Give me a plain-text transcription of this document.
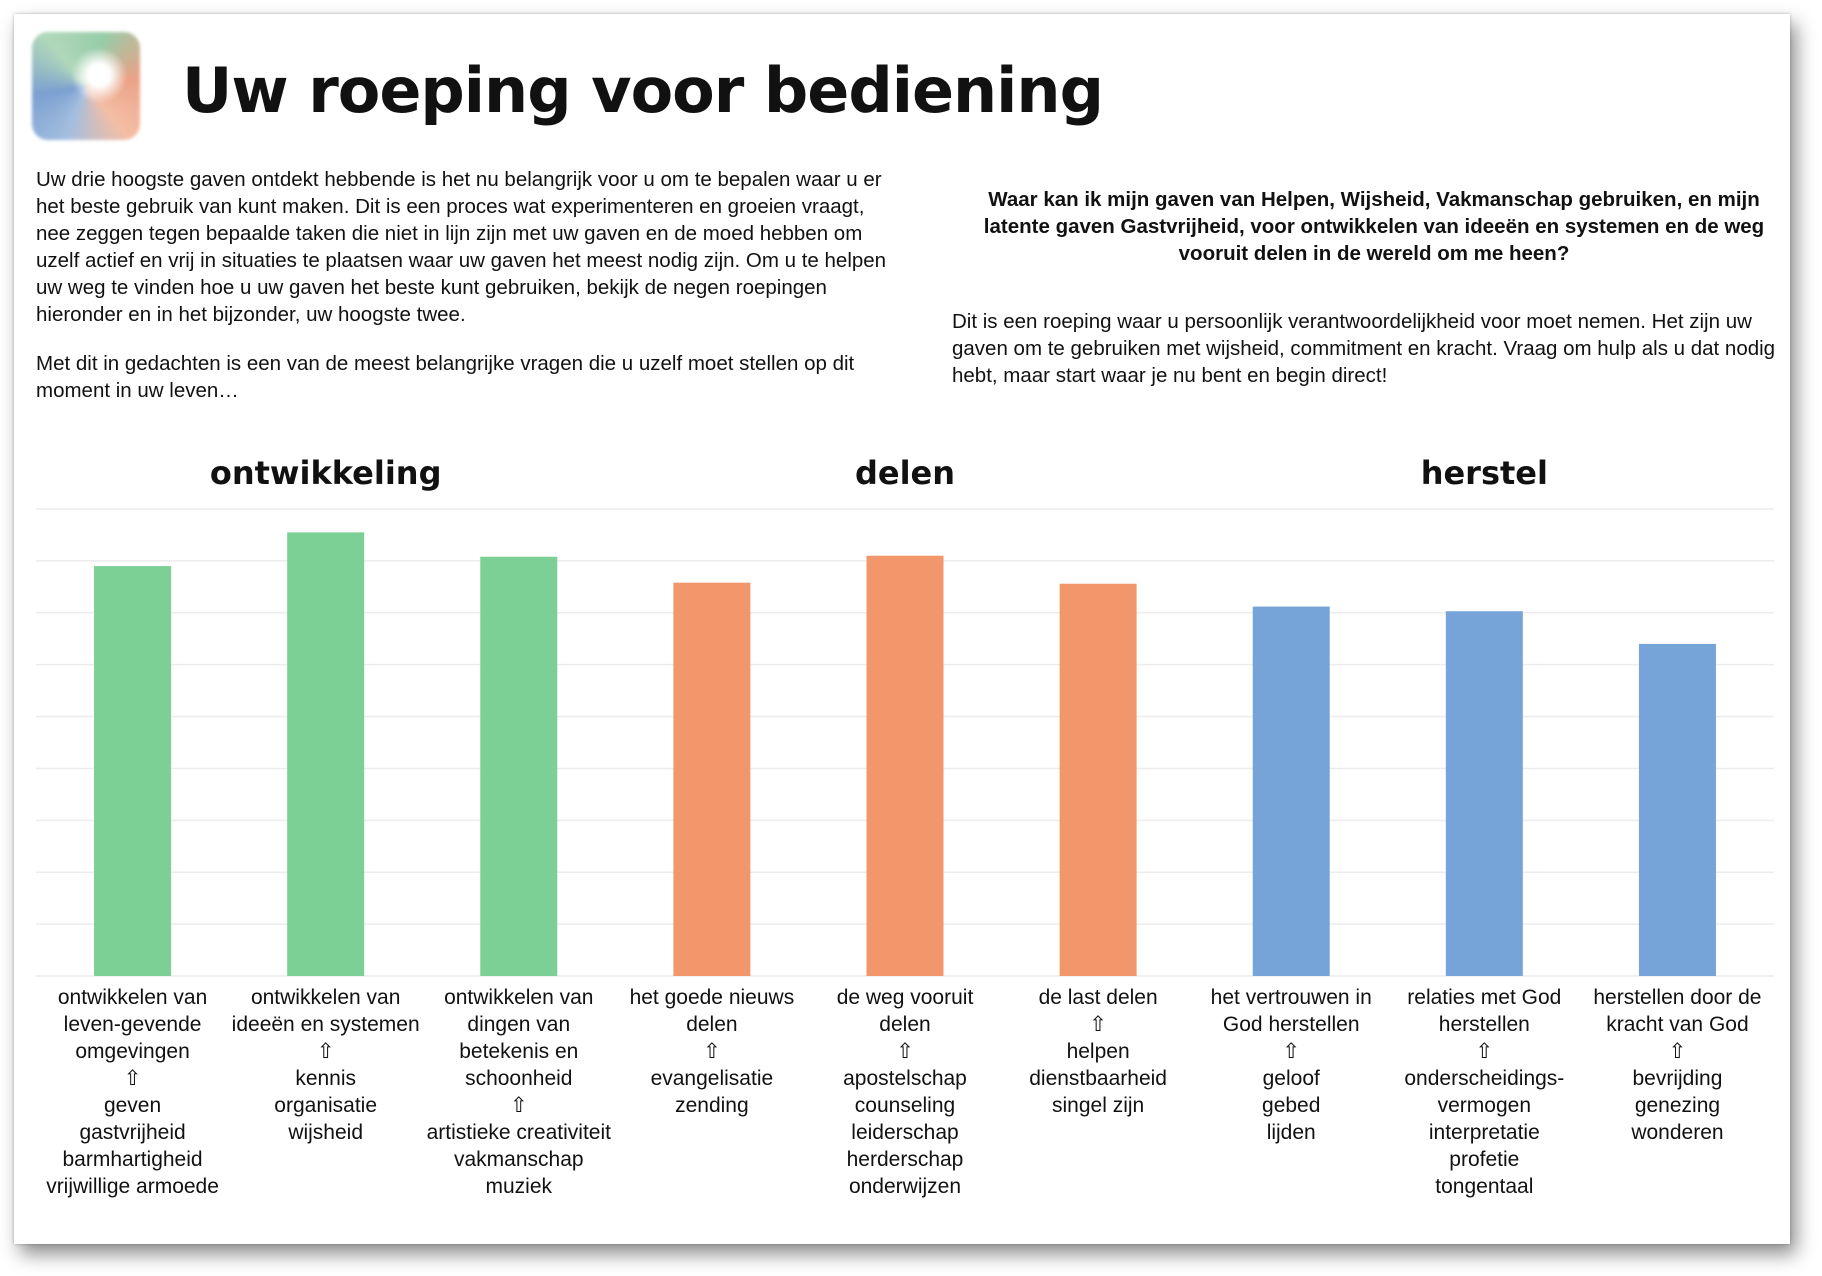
Uw roeping voor bediening

Uw drie hoogste gaven ontdekt hebbende is het nu belangrijk voor u om te bepalen waar u er het beste gebruik van kunt maken. Dit is een proces wat experimenteren en groeien vraagt, nee zeggen tegen bepaalde taken die niet in lijn zijn met uw gaven en de moed hebben om uzelf actief en vrij in situaties te plaatsen waar uw gaven het meest nodig zijn. Om u te helpen uw weg te vinden hoe u uw gaven het beste kunt gebruiken, bekijk de negen roepingen hieronder en in het bijzonder, uw hoogste twee.

Met dit in gedachten is een van de meest belangrijke vragen die u uzelf moet stellen op dit moment in uw leven…

Waar kan ik mijn gaven van Helpen, Wijsheid, Vakmanschap gebruiken, en mijn latente gaven Gastvrijheid, voor ontwikkelen van ideeën en systemen en de weg vooruit delen in de wereld om me heen?
Dit is een roeping waar u persoonlijk verantwoordelijkheid voor moet nemen. Het zijn uw gaven om te gebruiken met wijsheid, commitment en kracht. Vraag om hulp als u dat nodig hebt, maar start waar je nu bent en begin direct!
ontwikkeling	delen	herstel
ontwikkelen van
leven-gevende
omgevingen
⇧
geven
gastvrijheid
barmhartigheid
vrijwillige armoede
ontwikkelen van
ideeën en systemen
⇧
kennis
organisatie
wijsheid
ontwikkelen van
dingen van
betekenis en
schoonheid
⇧
artistieke creativiteit
vakmanschap
muziek
het goede nieuws
delen
⇧
evangelisatie
zending
de weg vooruit
delen
⇧
apostelschap
counseling
leiderschap
herderschap
onderwijzen
de last delen
⇧
helpen
dienstbaarheid
singel zijn
het vertrouwen in
God herstellen
⇧
geloof
gebed
lijden
relaties met God
herstellen
⇧
onderscheidings-
vermogen
interpretatie
profetie
tongentaal
herstellen door de
kracht van God
⇧
bevrijding
genezing
wonderen
